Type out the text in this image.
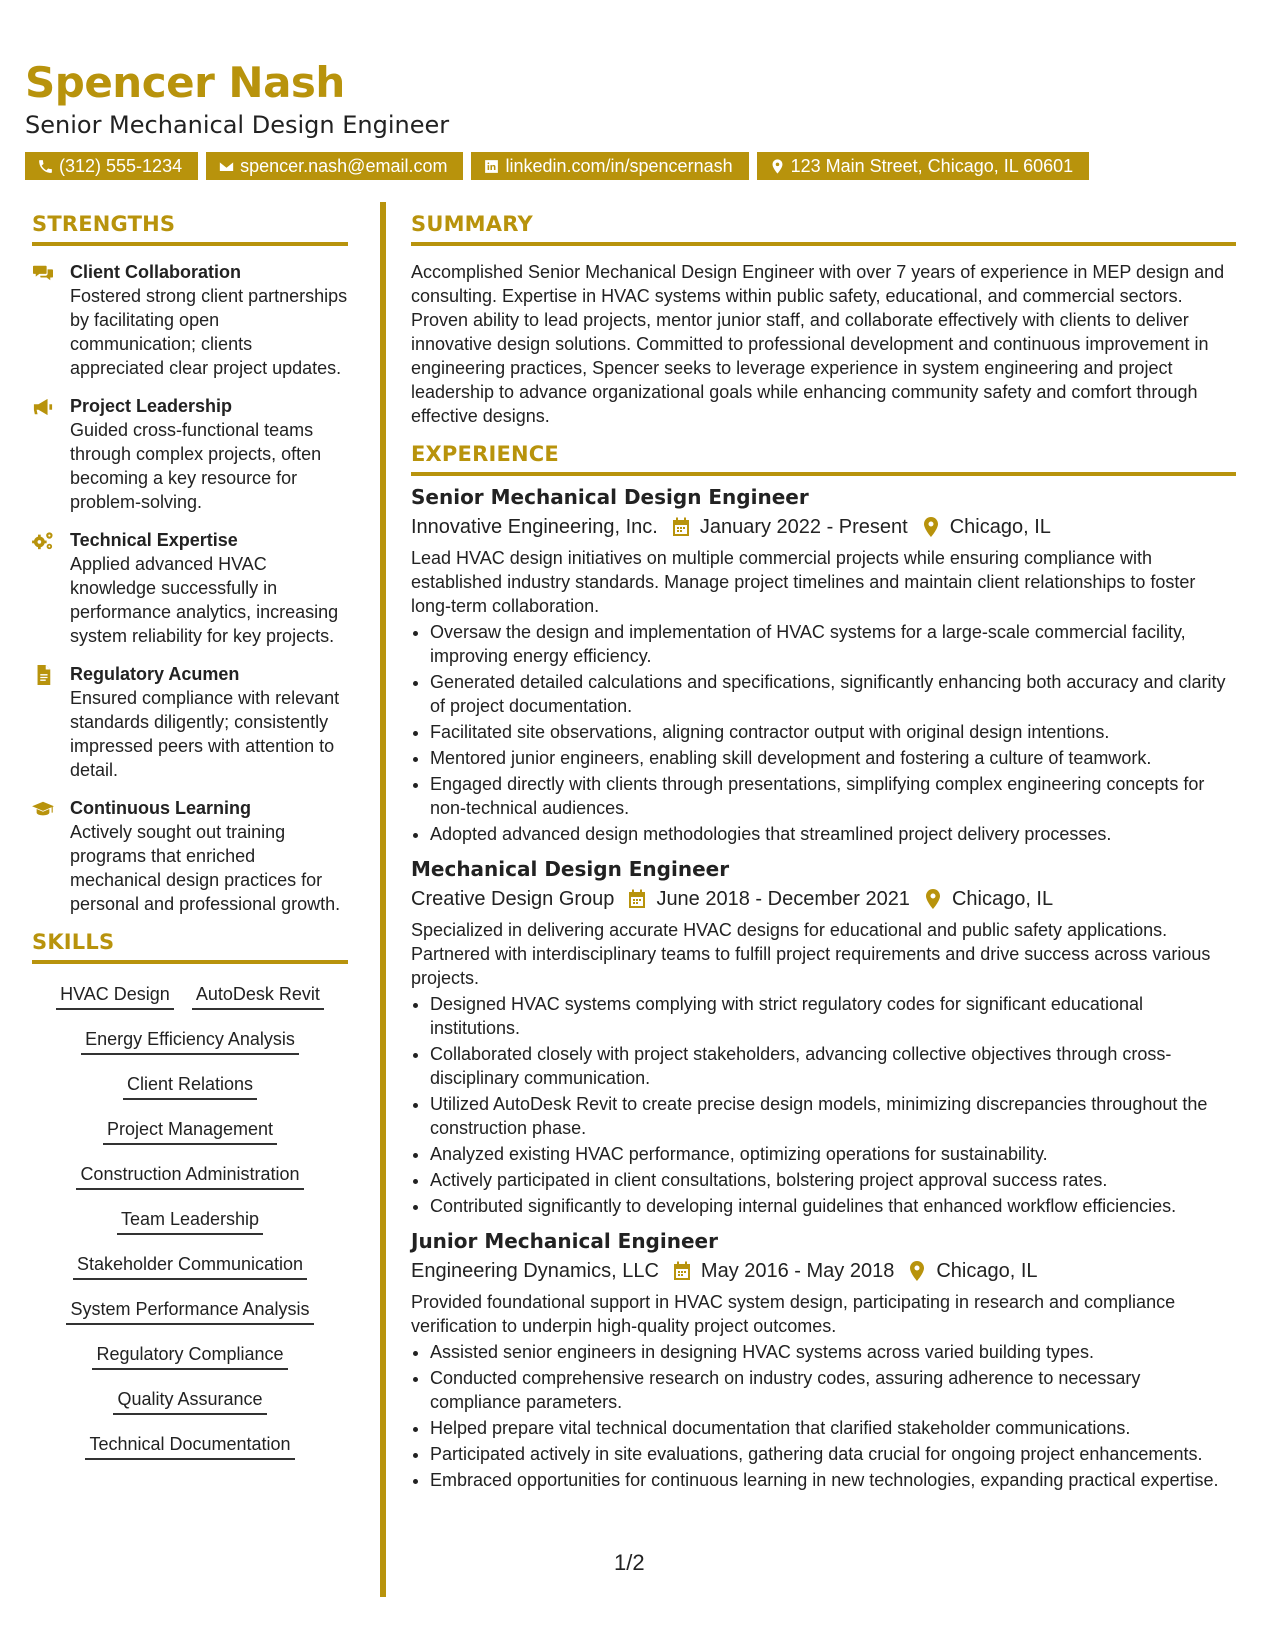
Spencer Nash
Senior Mechanical Design Engineer
(312) 555-1234	spencer.nash@email.com	linkedin.com/in/spencernash	123 Main Street, Chicago, IL 60601
STRENGTHS
Client Collaboration
Fostered strong client partnerships by facilitating open communication; clients appreciated clear project updates.
Project Leadership
Guided cross-functional teams through complex projects, often becoming a key resource for problem-solving.
Technical Expertise
Applied advanced HVAC knowledge successfully in performance analytics, increasing system reliability for key projects.
Regulatory Acumen
Ensured compliance with relevant standards diligently; consistently impressed peers with attention to detail.
Continuous Learning
Actively sought out training programs that enriched mechanical design practices for personal and professional growth.
SKILLS
HVAC Design AutoDesk Revit
Energy Efficiency Analysis
Client Relations
Project Management
Construction Administration
Team Leadership
Stakeholder Communication
System Performance Analysis
Regulatory Compliance
Quality Assurance
Technical Documentation
SUMMARY

Accomplished Senior Mechanical Design Engineer with over 7 years of experience in MEP design and consulting. Expertise in HVAC systems within public safety, educational, and commercial sectors. Proven ability to lead projects, mentor junior staff, and collaborate effectively with clients to deliver innovative design solutions. Committed to professional development and continuous improvement in engineering practices, Spencer seeks to leverage experience in system engineering and project leadership to advance organizational goals while enhancing community safety and comfort through effective designs.

EXPERIENCE
Senior Mechanical Design Engineer
Innovative Engineering, Inc. January 2022 - Present Chicago, IL
Lead HVAC design initiatives on multiple commercial projects while ensuring compliance with established industry standards. Manage project timelines and maintain client relationships to foster long-term collaboration.
• Oversaw the design and implementation of HVAC systems for a large-scale commercial facility, improving energy efficiency.
• Generated detailed calculations and specifications, significantly enhancing both accuracy and clarity of project documentation.
• Facilitated site observations, aligning contractor output with original design intentions.
• Mentored junior engineers, enabling skill development and fostering a culture of teamwork.
• Engaged directly with clients through presentations, simplifying complex engineering concepts for non-technical audiences.
• Adopted advanced design methodologies that streamlined project delivery processes.
Mechanical Design Engineer
Creative Design Group June 2018 - December 2021 Chicago, IL
Specialized in delivering accurate HVAC designs for educational and public safety applications. Partnered with interdisciplinary teams to fulfill project requirements and drive success across various projects.
• Designed HVAC systems complying with strict regulatory codes for significant educational institutions.
• Collaborated closely with project stakeholders, advancing collective objectives through cross-disciplinary communication.
• Utilized AutoDesk Revit to create precise design models, minimizing discrepancies throughout the construction phase.
• Analyzed existing HVAC performance, optimizing operations for sustainability.
• Actively participated in client consultations, bolstering project approval success rates.
• Contributed significantly to developing internal guidelines that enhanced workflow efficiencies.
Junior Mechanical Engineer
Engineering Dynamics, LLC May 2016 - May 2018 Chicago, IL
Provided foundational support in HVAC system design, participating in research and compliance verification to underpin high-quality project outcomes.
• Assisted senior engineers in designing HVAC systems across varied building types.
• Conducted comprehensive research on industry codes, assuring adherence to necessary compliance parameters.
• Helped prepare vital technical documentation that clarified stakeholder communications.
• Participated actively in site evaluations, gathering data crucial for ongoing project enhancements.
• Embraced opportunities for continuous learning in new technologies, expanding practical expertise.
1/2
